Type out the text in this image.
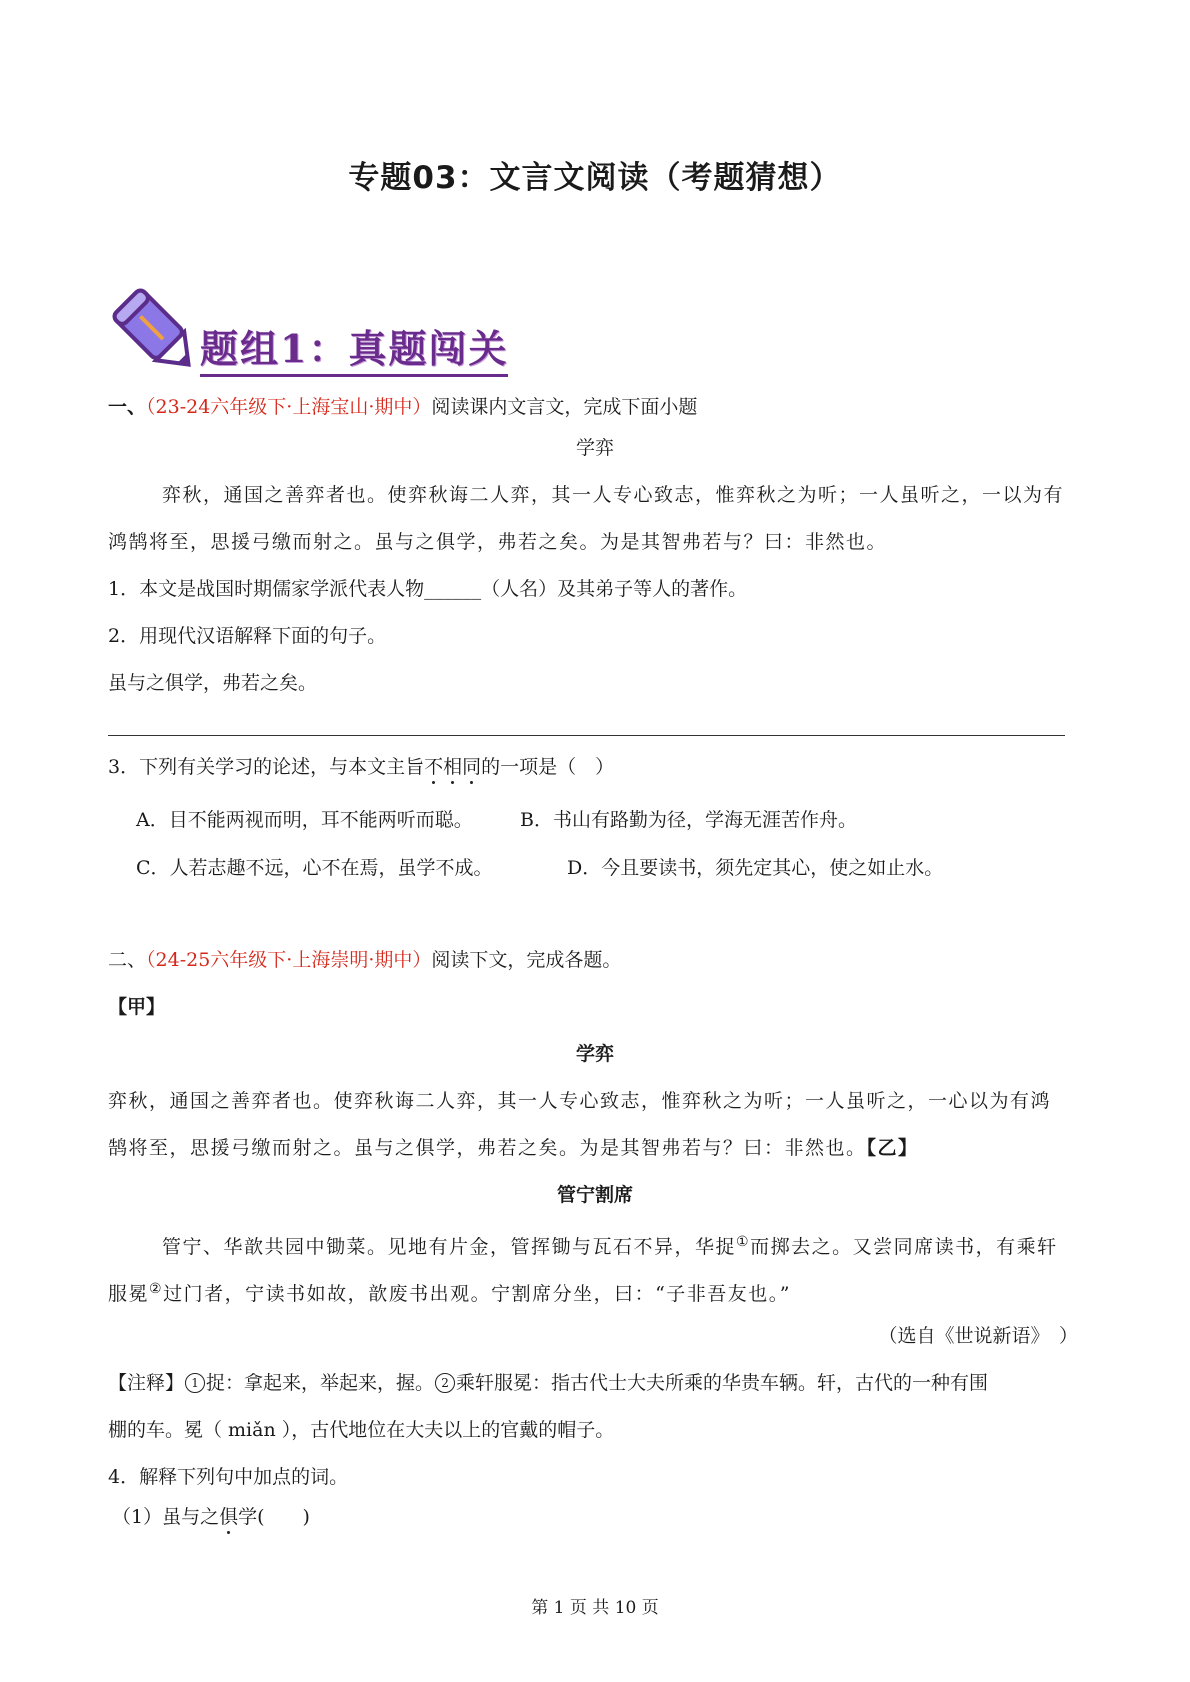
专题03：文言文阅读（考题猜想）
题组1：真题闯关
一、（23-24六年级下·上海宝山·期中）阅读课内文言文，完成下面小题
学弈
弈秋，通国之善弈者也。使弈秋诲二人弈，其一人专心致志，惟弈秋之为听；一人虽听之，一以为有
鸿鹄将至，思援弓缴而射之。虽与之俱学，弗若之矣。为是其智弗若与？曰：非然也。
1．本文是战国时期儒家学派代表人物______（人名）及其弟子等人的著作。
2．用现代汉语解释下面的句子。
虽与之俱学，弗若之矣。
3．下列有关学习的论述，与本文主旨不相同的一项是（　）
A．目不能两视而明，耳不能两听而聪。 B．书山有路勤为径，学海无涯苦作舟。
C．人若志趣不远，心不在焉，虽学不成。	D．今且要读书，须先定其心，使之如止水。
二、（24-25六年级下·上海崇明·期中）阅读下文，完成各题。
【甲】
学弈
弈秋，通国之善弈者也。使弈秋诲二人弈，其一人专心致志，惟弈秋之为听；一人虽听之，一心以为有鸿
鹄将至，思援弓缴而射之。虽与之俱学，弗若之矣。为是其智弗若与？曰：非然也。【乙】
管宁割席
管宁、华歆共园中锄菜。见地有片金，管挥锄与瓦石不异，华捉①而掷去之。又尝同席读书，有乘轩
服冕②过门者，宁读书如故，歆废书出观。宁割席分坐，曰：“子非吾友也。”
（选自《世说新语》　）
【注释】 1 捉：拿起来，举起来，握。 2 乘轩服冕：指古代士大夫所乘的华贵车辆。轩，古代的一种有围
棚的车。冕（ miǎn ），古代地位在大夫以上的官戴的帽子。
4．解释下列句中加点的词。
（1）虽与之俱学(　　)
第 1 页 共 10 页
